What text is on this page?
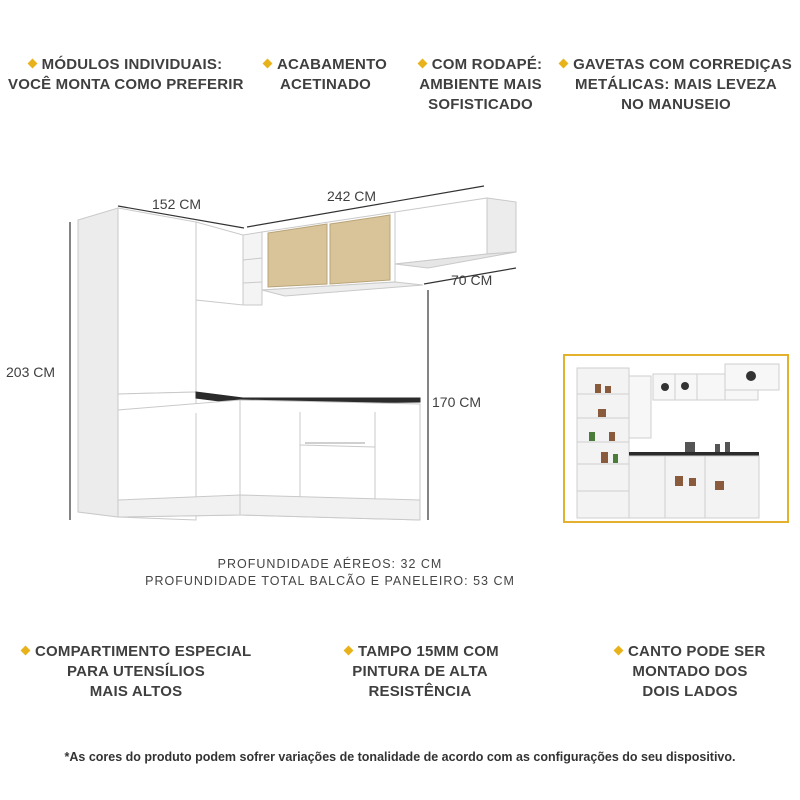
MÓDULOS INDIVIDUAIS:
VOCÊ MONTA COMO PREFERIR
ACABAMENTO
ACETINADO
COM RODAPÉ:
AMBIENTE MAIS
SOFISTICADO
GAVETAS COM CORREDIÇAS
METÁLICAS: MAIS LEVEZA
NO MANUSEIO
152 CM	242 CM
70 CM
203 CM
170 CM
PROFUNDIDADE AÉREOS: 32 CM
PROFUNDIDADE TOTAL BALCÃO E PANELEIRO: 53 CM
COMPARTIMENTO ESPECIAL
PARA UTENSÍLIOS
MAIS ALTOS
TAMPO 15MM COM
PINTURA DE ALTA
RESISTÊNCIA
CANTO PODE SER
MONTADO DOS
DOIS LADOS
*As cores do produto podem sofrer variações de tonalidade de acordo com as configurações do seu dispositivo.
